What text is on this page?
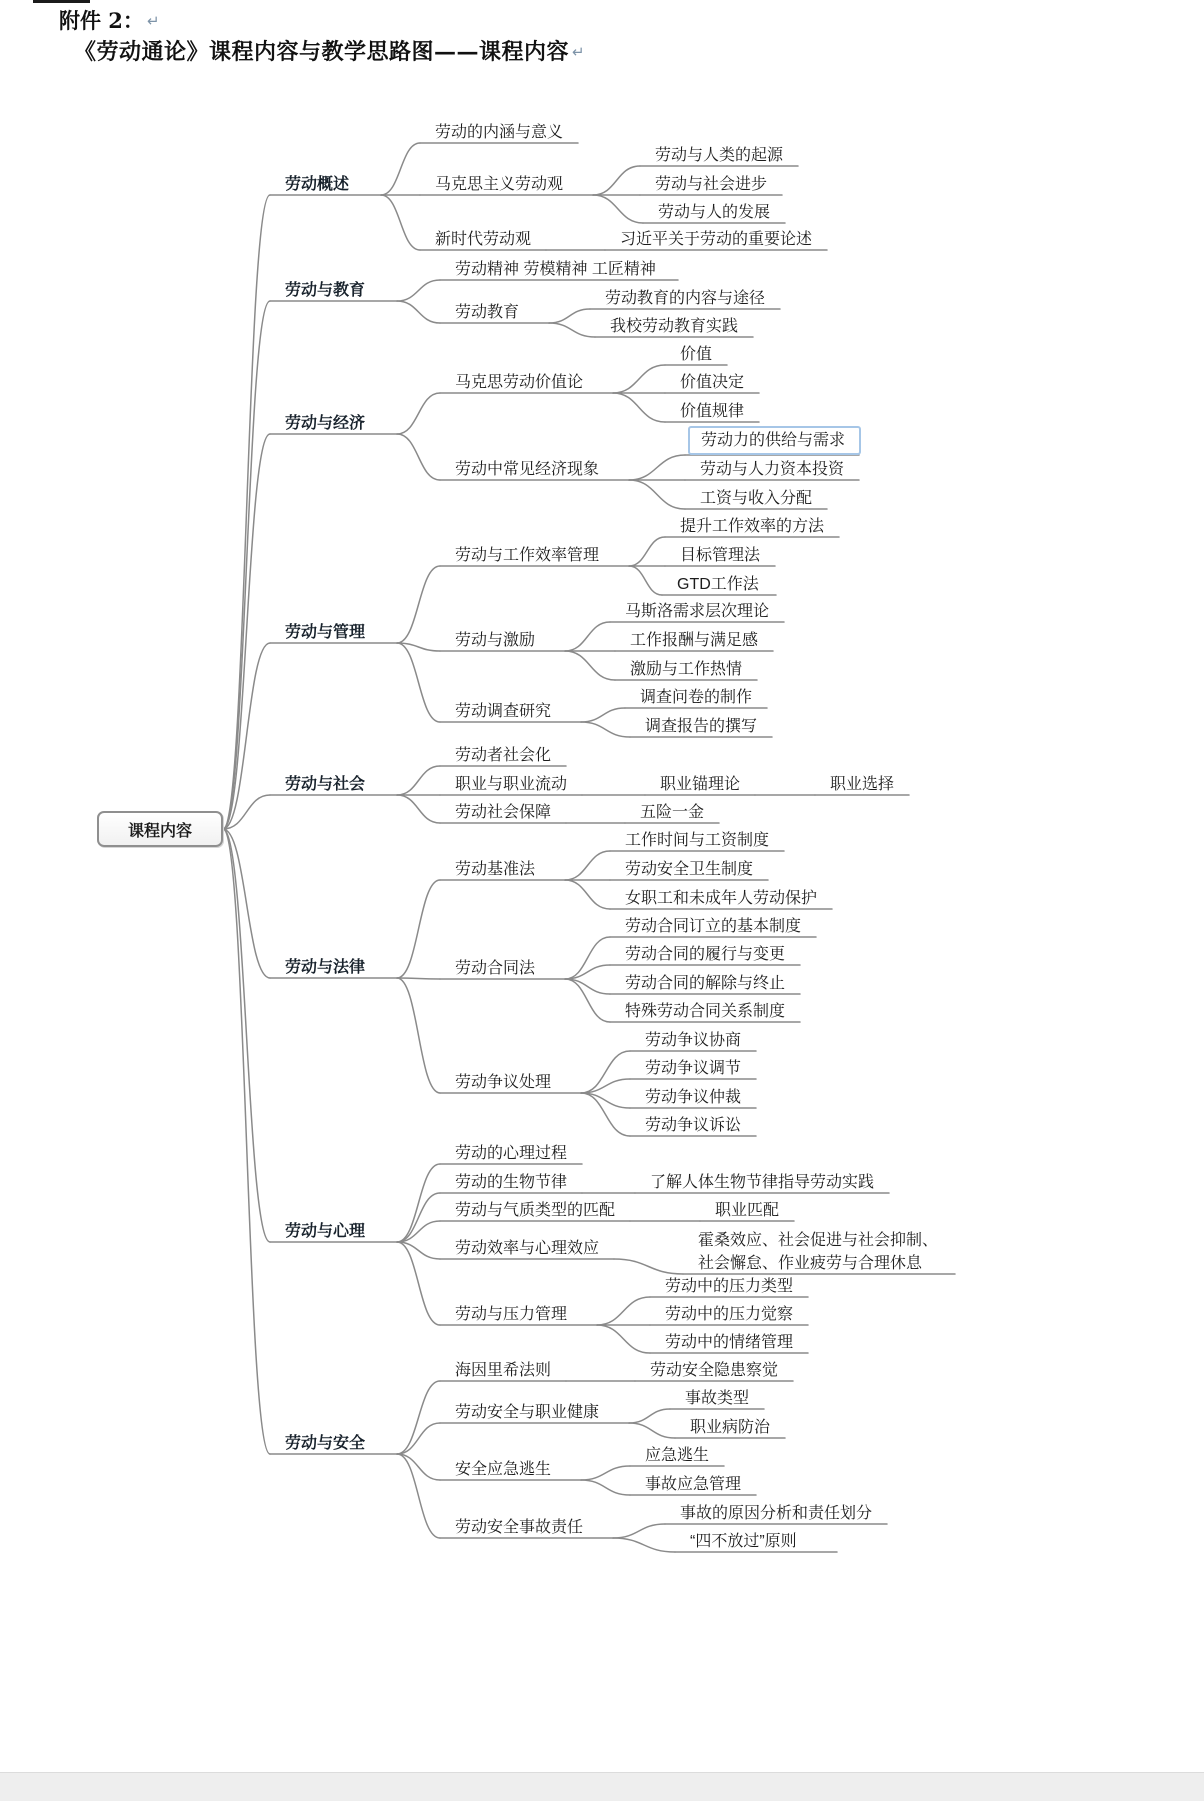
附件 2： ↵
《劳动通论》课程内容与教学思路图——课程内容 ↵
劳动概述
劳动的内涵与意义
马克思主义劳动观
劳动与人类的起源
劳动与社会进步
劳动与人的发展
新时代劳动观	习近平关于劳动的重要论述
劳动与教育
劳动精神 劳模精神 工匠精神
劳动教育
劳动教育的内容与途径
我校劳动教育实践
劳动与经济
马克思劳动价值论
价值
价值决定
价值规律
劳动中常见经济现象
劳动力的供给与需求
劳动与人力资本投资
工资与收入分配
劳动与管理
劳动与工作效率管理
提升工作效率的方法
目标管理法
GTD工作法
劳动与激励
马斯洛需求层次理论
工作报酬与满足感
激励与工作热情
劳动调查研究
调查问卷的制作
调查报告的撰写
劳动与社会
劳动者社会化
职业与职业流动	职业锚理论	职业选择
劳动社会保障	五险一金
劳动与法律
劳动基准法
工作时间与工资制度
劳动安全卫生制度
女职工和未成年人劳动保护
劳动合同法
劳动合同订立的基本制度
劳动合同的履行与变更
劳动合同的解除与终止
特殊劳动合同关系制度
劳动争议处理
劳动争议协商
劳动争议调节
劳动争议仲裁
劳动争议诉讼
劳动与心理
劳动的心理过程
劳动的生物节律	了解人体生物节律指导劳动实践
劳动与气质类型的匹配	职业匹配
劳动效率与心理效应	霍桑效应、社会促进与社会抑制、
社会懈怠、作业疲劳与合理休息
劳动与压力管理
劳动中的压力类型
劳动中的压力觉察
劳动中的情绪管理
劳动与安全
海因里希法则	劳动安全隐患察觉
劳动安全与职业健康
事故类型
职业病防治
安全应急逃生
应急逃生
事故应急管理
劳动安全事故责任
事故的原因分析和责任划分
“四不放过”原则
课程内容
